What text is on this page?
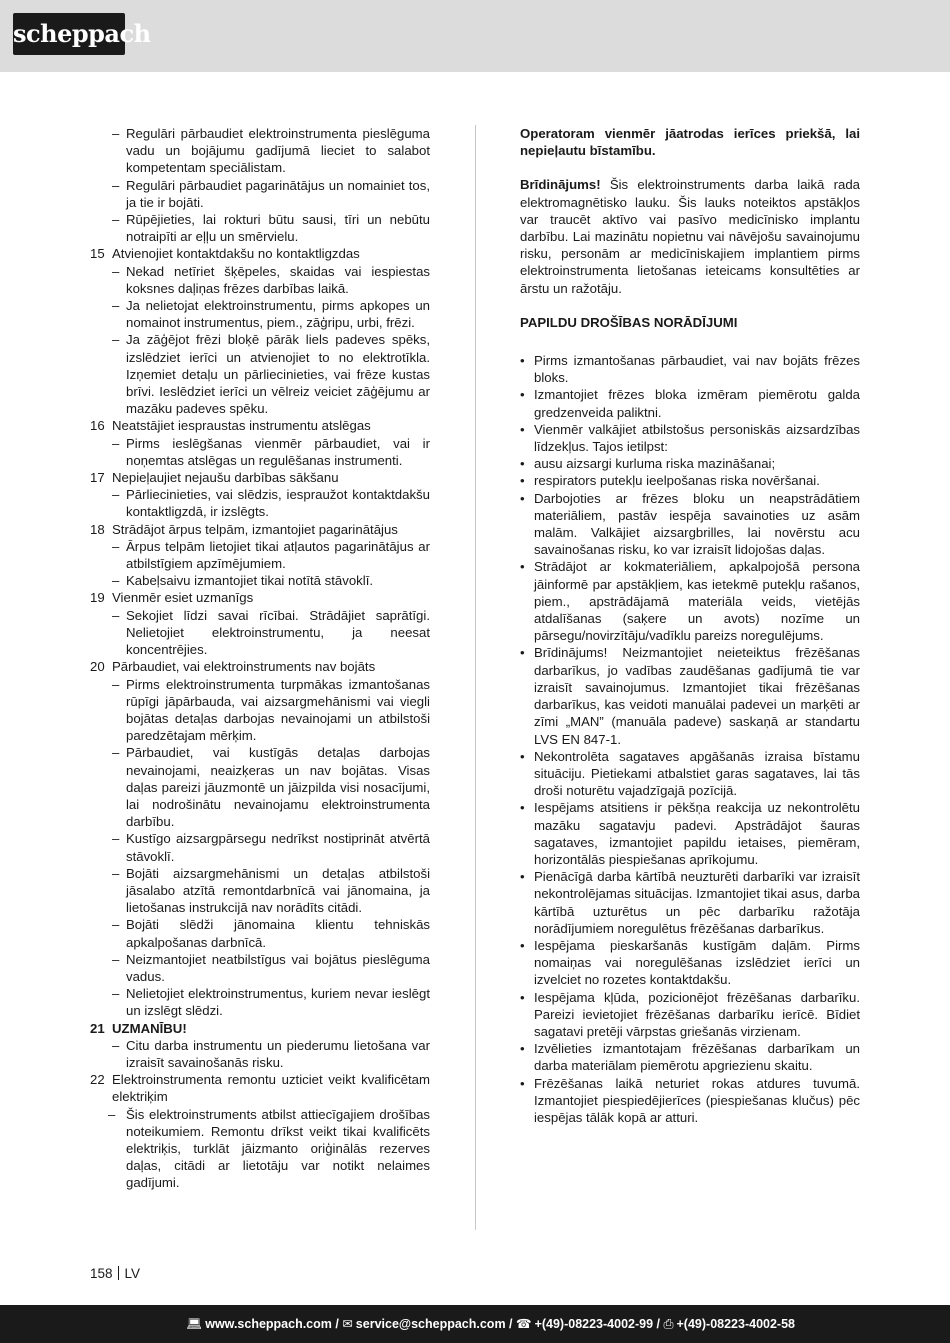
scheppach
– Regulāri pārbaudiet elektroinstrumenta pieslēguma vadu un bojājumu gadījumā lieciet to salabot kompetentam speciālistam.
– Regulāri pārbaudiet pagarinātājus un nomainiet tos, ja tie ir bojāti.
– Rūpējieties, lai rokturi būtu sausi, tīri un nebūtu notraipīti ar eļļu un smērvielu.
15 Atvienojiet kontaktdakšu no kontaktligzdas
– Nekad netīriet šķēpeles, skaidas vai iespiestas koksnes daļiņas frēzes darbības laikā.
– Ja nelietojat elektroinstrumentu, pirms apkopes un nomainot instrumentus, piem., zāģripu, urbi, frēzi.
– Ja zāģējot frēzi bloķē pārāk liels padeves spēks, izslēdziet ierīci un atvienojiet to no elektrotīkla. Izņemiet detaļu un pārliecinieties, vai frēze kustas brīvi. Ieslēdziet ierīci un vēlreiz veiciet zāģējumu ar mazāku padeves spēku.
16 Neatstājiet iespraustas instrumentu atslēgas
– Pirms ieslēgšanas vienmēr pārbaudiet, vai ir noņemtas atslēgas un regulēšanas instrumenti.
17 Nepieļaujiet nejaušu darbības sākšanu
– Pārliecinieties, vai slēdzis, iespraužot kontaktdakšu kontaktligzdā, ir izslēgts.
18 Strādājot ārpus telpām, izmantojiet pagarinātājus
– Ārpus telpām lietojiet tikai atļautos pagarinātājus ar atbilstīgiem apzīmējumiem.
– Kabeļsaivu izmantojiet tikai notītā stāvoklī.
19 Vienmēr esiet uzmanīgs
– Sekojiet līdzi savai rīcībai. Strādājiet saprātīgi. Nelietojiet elektroinstrumentu, ja neesat koncentrējies.
20 Pārbaudiet, vai elektroinstruments nav bojāts
– Pirms elektroinstrumenta turpmākas izmantošanas rūpīgi jāpārbauda, vai aizsargmehānismi vai viegli bojātas detaļas darbojas nevainojami un atbilstoši paredzētajam mērķim.
– Pārbaudiet, vai kustīgās detaļas darbojas nevainojami, neaizķeras un nav bojātas. Visas daļas pareizi jāuzmontē un jāizpilda visi nosacījumi, lai nodrošinātu nevainojamu elektroinstrumenta darbību.
– Kustīgo aizsargpārsegu nedrīkst nostiprināt atvērtā stāvoklī.
– Bojāti aizsargmehānismi un detaļas atbilstoši jāsalabo atzītā remontdarbnīcā vai jānomaina, ja lietošanas instrukcijā nav norādīts citādi.
– Bojāti slēdži jānomaina klientu tehniskās apkalpošanas darbnīcā.
– Neizmantojiet neatbilstīgus vai bojātus pieslēguma vadus.
– Nelietojiet elektroinstrumentus, kuriem nevar ieslēgt un izslēgt slēdzi.
21 UZMANĪBU!
– Citu darba instrumentu un piederumu lietošana var izraisīt savainošanās risku.
22 Elektroinstrumenta remontu uzticiet veikt kvalificētam elektriķim
– Šis elektroinstruments atbilst attiecīgajiem drošības noteikumiem. Remontu drīkst veikt tikai kvalificēts elektriķis, turklāt jāizmanto oriģinālās rezerves daļas, citādi ar lietotāju var notikt nelaimes gadījumi.

Operatoram vienmēr jāatrodas ierīces priekšā, lai nepieļautu bīstamību.

Brīdinājums! Šis elektroinstruments darba laikā rada elektromagnētisko lauku. Šis lauks noteiktos apstākļos var traucēt aktīvo vai pasīvo medicīnisko implantu darbību. Lai mazinātu nopietnu vai nāvējošu savainojumu risku, personām ar medicīniskajiem implantiem pirms elektroinstrumenta lietošanas ieteicams konsultēties ar ārstu un ražotāju.

PAPILDU DROŠĪBAS NORĀDĪJUMI

• Pirms izmantošanas pārbaudiet, vai nav bojāts frēzes bloks.
• Izmantojiet frēzes bloka izmēram piemērotu galda gredzenveida paliktni.
• Vienmēr valkājiet atbilstošus personiskās aizsardzības līdzekļus. Tajos ietilpst:
• ausu aizsargi kurluma riska mazināšanai;
• respirators putekļu ieelpošanas riska novēršanai.
• Darbojoties ar frēzes bloku un neapstrādātiem materiāliem, pastāv iespēja savainoties uz asām malām. Valkājiet aizsargbrilles, lai novērstu acu savainošanas risku, ko var izraisīt lidojošas daļas.
• Strādājot ar kokmateriāliem, apkalpojošā persona jāinformē par apstākļiem, kas ietekmē putekļu rašanos, piem., apstrādājamā materiāla veids, vietējās atdalīšanas (saķere un avots) nozīme un pārsegu/novirzītāju/vadīklu pareizs noregulējums.
• Brīdinājums! Neizmantojiet neieteiktus frēzēšanas darbarīkus, jo vadības zaudēšanas gadījumā tie var izraisīt savainojumus. Izmantojiet tikai frēzēšanas darbarīkus, kas veidoti manuālai padevei un marķēti ar zīmi „MAN” (manuāla padeve) saskaņā ar standartu LVS EN 847-1.
• Nekontrolēta sagataves apgāšanās izraisa bīstamu situāciju. Pietiekami atbalstiet garas sagataves, lai tās droši noturētu vajadzīgajā pozīcijā.
• Iespējams atsitiens ir pēkšņa reakcija uz nekontrolētu mazāku sagatavju padevi. Apstrādājot šauras sagataves, izmantojiet papildu ietaises, piemēram, horizontālās piespiešanas aprīkojumu.
• Pienācīgā darba kārtībā neuzturēti darbarīki var izraisīt nekontrolējamas situācijas. Izmantojiet tikai asus, darba kārtībā uzturētus un pēc darbarīku ražotāja norādījumiem noregulētus frēzēšanas darbarīkus.
• Iespējama pieskaršanās kustīgām daļām. Pirms nomaiņas vai noregulēšanas izslēdziet ierīci un izvelciet no rozetes kontaktdakšu.
• Iespējama kļūda, pozicionējot frēzēšanas darbarīku. Pareizi ievietojiet frēzēšanas darbarīku ierīcē. Bīdiet sagatavi pretēji vārpstas griešanās virzienam.
• Izvēlieties izmantotajam frēzēšanas darbarīkam un darba materiālam piemērotu apgriezienu skaitu.
• Frēzēšanas laikā neturiet rokas atdures tuvumā. Izmantojiet piespiedējierīces (piespiešanas klučus) pēc iespējas tālāk kopā ar atturi.
158 LV
💻︎ www.scheppach.com / ✉︎ service@scheppach.com / ☎︎ +(49)-08223-4002-99 / ⎙ +(49)-08223-4002-58
